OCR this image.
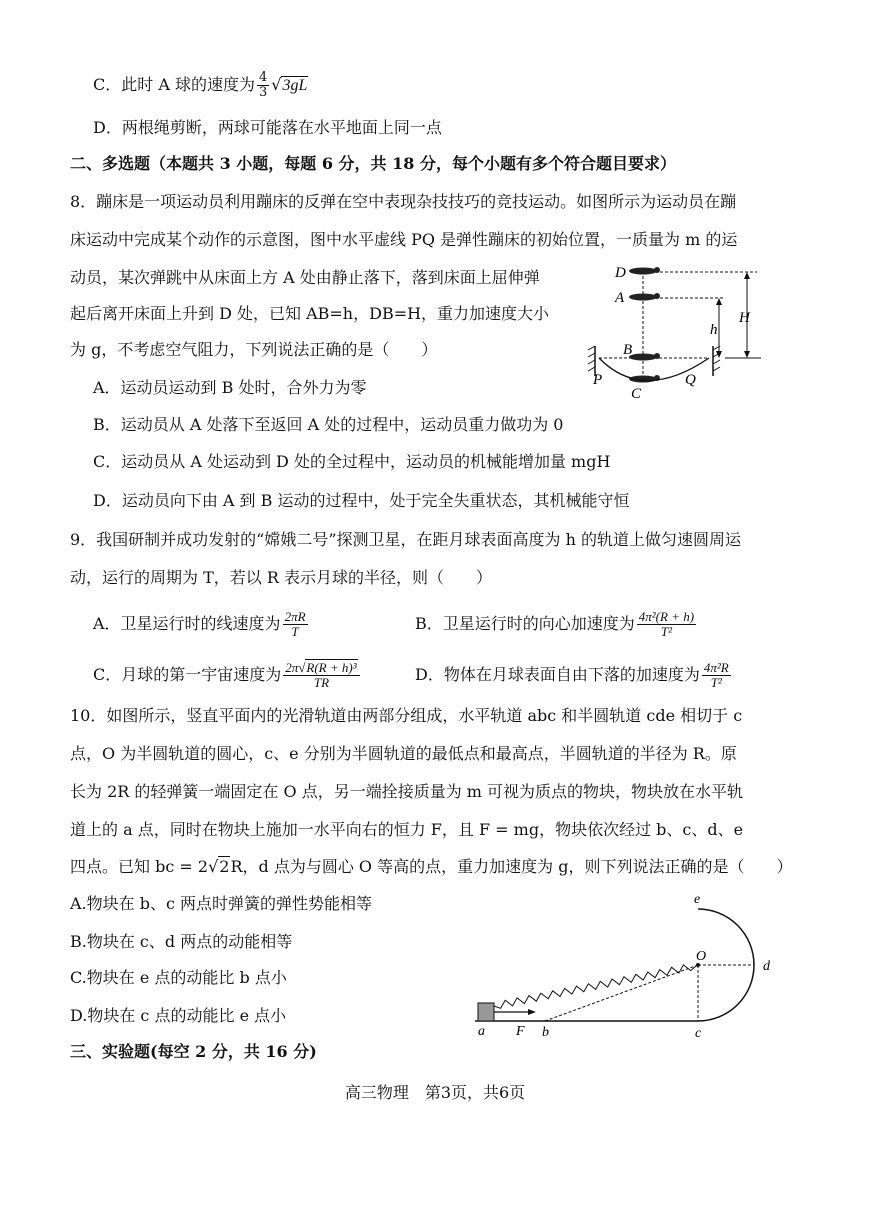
C．此时 A 球的速度为 $\frac{4}{3} √3gL$
D．两根绳剪断，两球可能落在水平地面上同一点
二、多选题（本题共 3 小题，每题 6 分，共 18 分，每个小题有多个符合题目要求）
8．蹦床是一项运动员利用蹦床的反弹在空中表现杂技技巧的竞技运动。如图所示为运动员在蹦
床运动中完成某个动作的示意图，图中水平虚线 PQ 是弹性蹦床的初始位置，一质量为 m 的运
动员，某次弹跳中从床面上方 A 处由静止落下，落到床面上屈伸弹
起后离开床面上升到 D 处，已知 AB=h，DB=H，重力加速度大小
为 g，不考虑空气阻力，下列说法正确的是（　　）
A．运动员运动到 B 处时，合外力为零
B．运动员从 A 处落下至返回 A 处的过程中，运动员重力做功为 0
C．运动员从 A 处运动到 D 处的全过程中，运动员的机械能增加量 mgH
D．运动员向下由 A 到 B 运动的过程中，处于完全失重状态，其机械能守恒
D
A
B
C
P	Q
h
H
9．我国研制并成功发射的“嫦娥二号”探测卫星，在距月球表面高度为 h 的轨道上做匀速圆周运
动，运行的周期为 T，若以 R 表示月球的半径，则（　　）
A．卫星运行时的线速度为 $\frac{2\pi R}{T}$	B．卫星运行时的向心加速度为 $\frac{\text{4π²(R + h)}}{\text{T²}}$
C．月球的第一宇宙速度为 $\frac{\text{2π√R(R + h)³}}{TR}$	D．物体在月球表面自由下落的加速度为 $\frac{\text{4π²R}}{\text{T²}}$
10．如图所示，竖直平面内的光滑轨道由两部分组成，水平轨道 abc 和半圆轨道 cde 相切于 c
点，O 为半圆轨道的圆心，c、e 分别为半圆轨道的最低点和最高点，半圆轨道的半径为 R。原
长为 2R 的轻弹簧一端固定在 O 点，另一端拴接质量为 m 可视为质点的物块，物块放在水平轨
道上的 a 点，同时在物块上施加一水平向右的恒力 F，且 F = mg，物块依次经过 b、c、d、e
四点。已知 bc = 2√2R，d 点为与圆心 O 等高的点，重力加速度为 g，则下列说法正确的是（　　）
A.物块在 b、c 两点时弹簧的弹性势能相等
B.物块在 c、d 两点的动能相等
C.物块在 e 点的动能比 b 点小
D.物块在 c 点的动能比 e 点小
e
O
d
a F b	c
三、实验题(每空 2 分，共 16 分)
高三物理　第3页，共6页
